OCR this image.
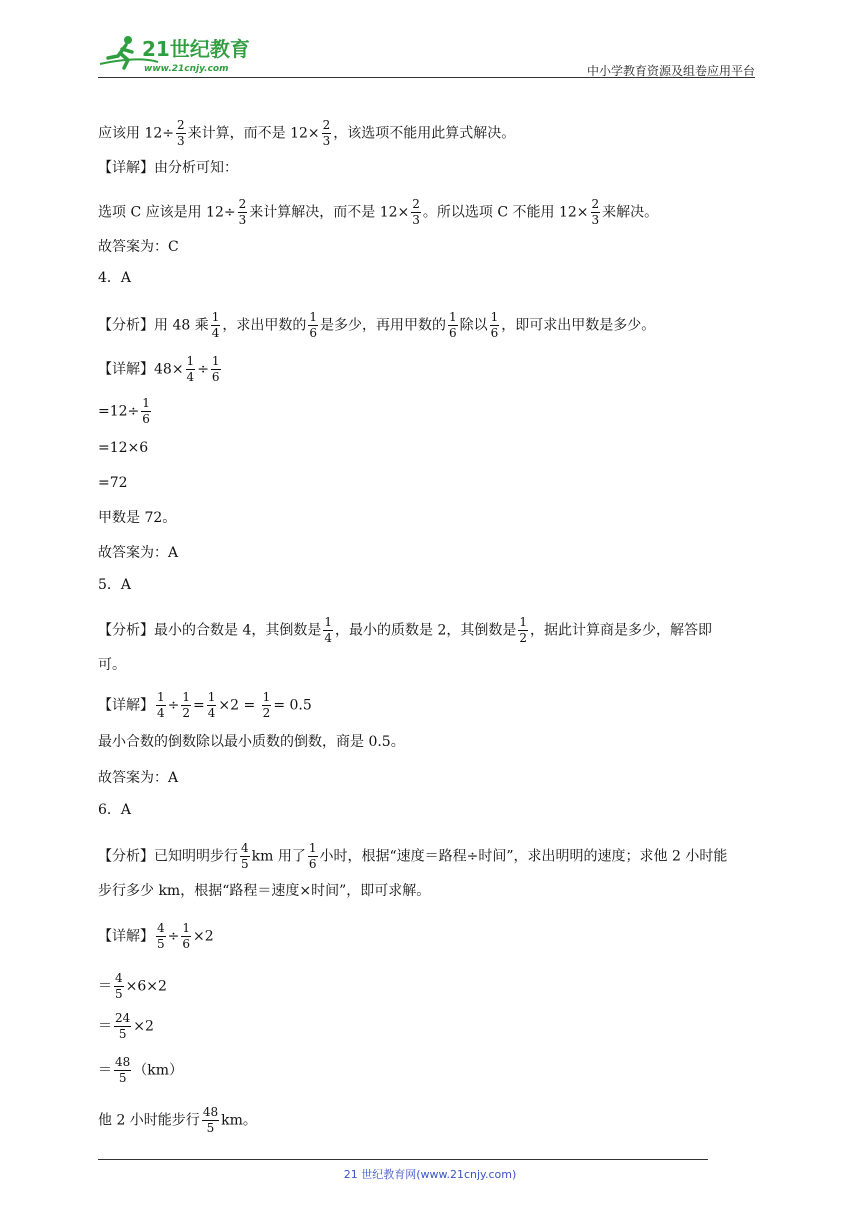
21世纪教育
www.21cnjy.com	中小学教育资源及组卷应用平台
应该用 $12\div \frac{2}{3}$ 来计算，而不是 $12\times \frac{2}{3}$ ，该选项不能用此算式解决。
【详解】由分析可知：
选项 C 应该是用 $12\div \frac{2}{3}$ 来计算解决，而不是 $12\times \frac{2}{3}$ 。所以选项 C 不能用 $12\times \frac{2}{3}$ 来解决。
故答案为：C
4．A
【分析】用 48 乘 $\frac{1}{4}$ ，求出甲数的 $\frac{1}{6}$ 是多少，再用甲数的 $\frac{1}{6}$ 除以 $\frac{1}{6}$ ，即可求出甲数是多少。
【详解】$48\times \frac{1}{4} \div \frac{1}{6}$
$=12\div \frac{1}{6}$
=12×6
=72
甲数是 72。
故答案为：A
5．A
【分析】最小的合数是 4，其倒数是 $\frac{1}{4}$ ，最小的质数是 2，其倒数是 $\frac{1}{2}$ ，据此计算商是多少，解答即
可。
【详解】 $\frac{1}{4} \div \frac{1}{2} = \frac{1}{4} \times 2 = \frac{1}{2} = 0.5$
最小合数的倒数除以最小质数的倒数，商是 0.5。
故答案为：A
6．A
【分析】已知明明步行 $\frac{4}{5}$ km 用了 $\frac{1}{6}$ 小时，根据“速度＝路程÷时间”，求出明明的速度；求他 2 小时能
步行多少 km，根据“路程＝速度×时间”，即可求解。
【详解】 $\frac{4}{5} \div \frac{1}{6} \times 2$
＝ $\frac{4}{5} \times 6\times 2$
＝ $\frac{24}{5} \times 2$
＝ $\frac{48}{5} (km)$
他 2 小时能步行 $\frac{48}{5}$ km。
21 世纪教育网(www.21cnjy.com)
